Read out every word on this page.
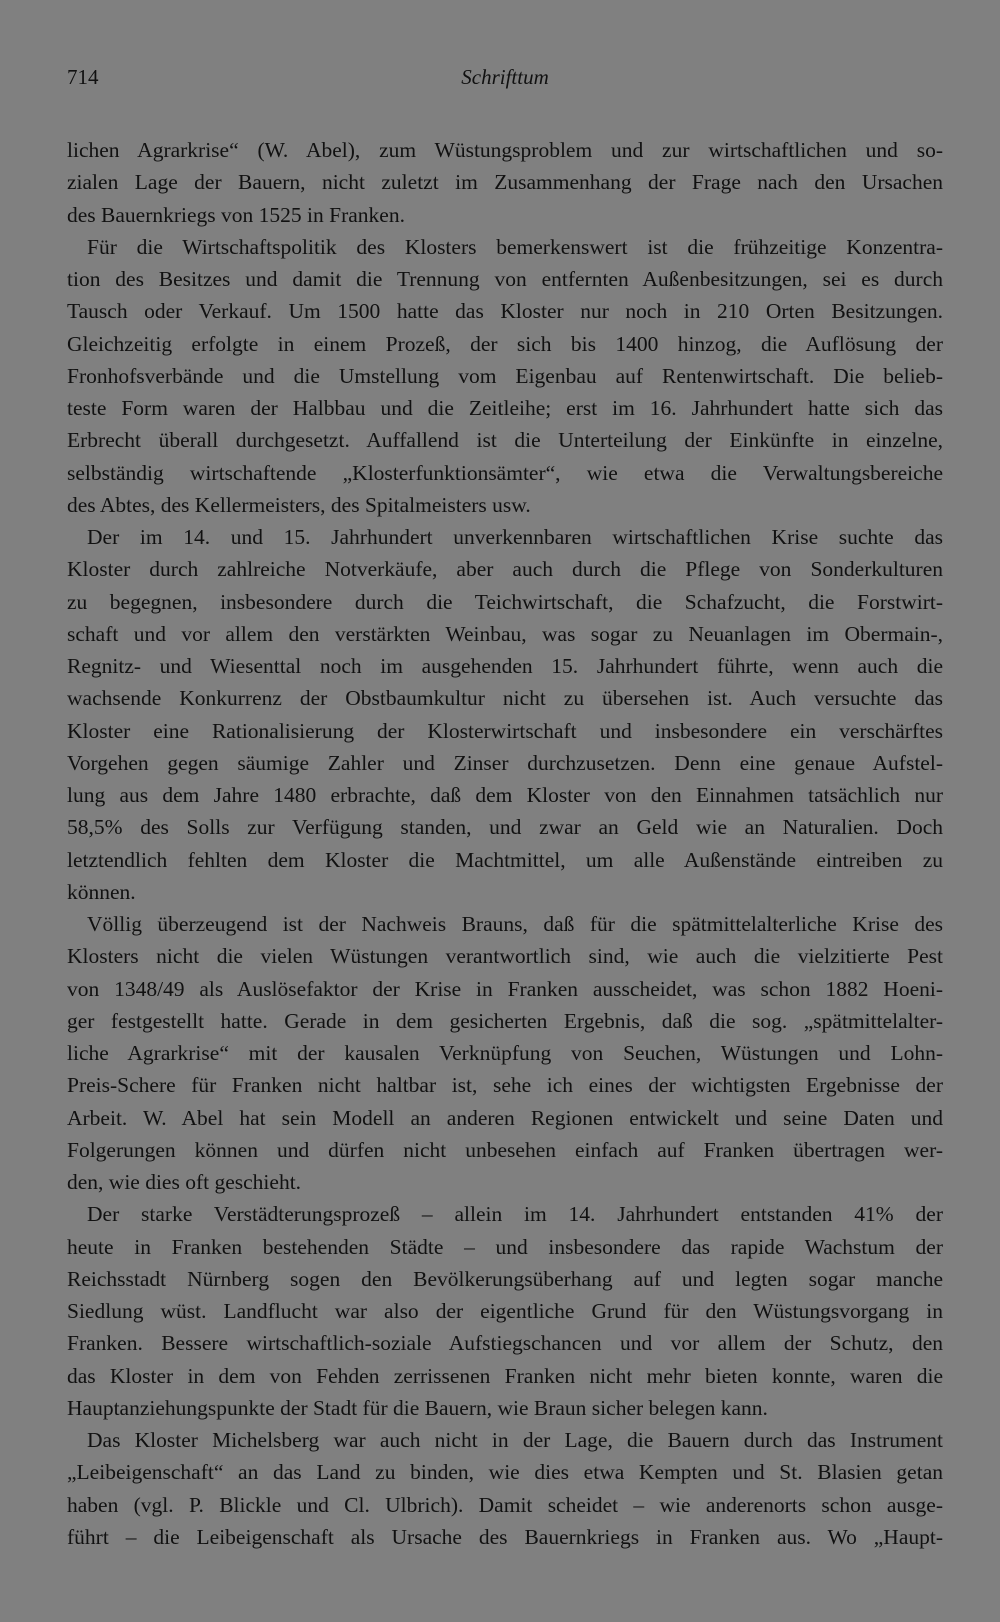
714	Schrifttum
lichen Agrarkrise“ (W. Abel), zum Wüstungsproblem und zur wirtschaftlichen und so-
zialen Lage der Bauern, nicht zuletzt im Zusammenhang der Frage nach den Ursachen
des Bauernkriegs von 1525 in Franken.
Für die Wirtschaftspolitik des Klosters bemerkenswert ist die frühzeitige Konzentra-
tion des Besitzes und damit die Trennung von entfernten Außenbesitzungen, sei es durch
Tausch oder Verkauf. Um 1500 hatte das Kloster nur noch in 210 Orten Besitzungen.
Gleichzeitig erfolgte in einem Prozeß, der sich bis 1400 hinzog, die Auflösung der
Fronhofsverbände und die Umstellung vom Eigenbau auf Rentenwirtschaft. Die belieb-
teste Form waren der Halbbau und die Zeitleihe; erst im 16. Jahrhundert hatte sich das
Erbrecht überall durchgesetzt. Auffallend ist die Unterteilung der Einkünfte in einzelne,
selbständig wirtschaftende „Klosterfunktionsämter“, wie etwa die Verwaltungsbereiche
des Abtes, des Kellermeisters, des Spitalmeisters usw.
Der im 14. und 15. Jahrhundert unverkennbaren wirtschaftlichen Krise suchte das
Kloster durch zahlreiche Notverkäufe, aber auch durch die Pflege von Sonderkulturen
zu begegnen, insbesondere durch die Teichwirtschaft, die Schafzucht, die Forstwirt-
schaft und vor allem den verstärkten Weinbau, was sogar zu Neuanlagen im Obermain-,
Regnitz- und Wiesenttal noch im ausgehenden 15. Jahrhundert führte, wenn auch die
wachsende Konkurrenz der Obstbaumkultur nicht zu übersehen ist. Auch versuchte das
Kloster eine Rationalisierung der Klosterwirtschaft und insbesondere ein verschärftes
Vorgehen gegen säumige Zahler und Zinser durchzusetzen. Denn eine genaue Aufstel-
lung aus dem Jahre 1480 erbrachte, daß dem Kloster von den Einnahmen tatsächlich nur
58,5% des Solls zur Verfügung standen, und zwar an Geld wie an Naturalien. Doch
letztendlich fehlten dem Kloster die Machtmittel, um alle Außenstände eintreiben zu
können.
Völlig überzeugend ist der Nachweis Brauns, daß für die spätmittelalterliche Krise des
Klosters nicht die vielen Wüstungen verantwortlich sind, wie auch die vielzitierte Pest
von 1348/49 als Auslösefaktor der Krise in Franken ausscheidet, was schon 1882 Hoeni-
ger festgestellt hatte. Gerade in dem gesicherten Ergebnis, daß die sog. „spätmittelalter-
liche Agrarkrise“ mit der kausalen Verknüpfung von Seuchen, Wüstungen und Lohn-
Preis-Schere für Franken nicht haltbar ist, sehe ich eines der wichtigsten Ergebnisse der
Arbeit. W. Abel hat sein Modell an anderen Regionen entwickelt und seine Daten und
Folgerungen können und dürfen nicht unbesehen einfach auf Franken übertragen wer-
den, wie dies oft geschieht.
Der starke Verstädterungsprozeß – allein im 14. Jahrhundert entstanden 41% der
heute in Franken bestehenden Städte – und insbesondere das rapide Wachstum der
Reichsstadt Nürnberg sogen den Bevölkerungsüberhang auf und legten sogar manche
Siedlung wüst. Landflucht war also der eigentliche Grund für den Wüstungsvorgang in
Franken. Bessere wirtschaftlich-soziale Aufstiegschancen und vor allem der Schutz, den
das Kloster in dem von Fehden zerrissenen Franken nicht mehr bieten konnte, waren die
Hauptanziehungspunkte der Stadt für die Bauern, wie Braun sicher belegen kann.
Das Kloster Michelsberg war auch nicht in der Lage, die Bauern durch das Instrument
„Leibeigenschaft“ an das Land zu binden, wie dies etwa Kempten und St. Blasien getan
haben (vgl. P. Blickle und Cl. Ulbrich). Damit scheidet – wie anderenorts schon ausge-
führt – die Leibeigenschaft als Ursache des Bauernkriegs in Franken aus. Wo „Haupt-
